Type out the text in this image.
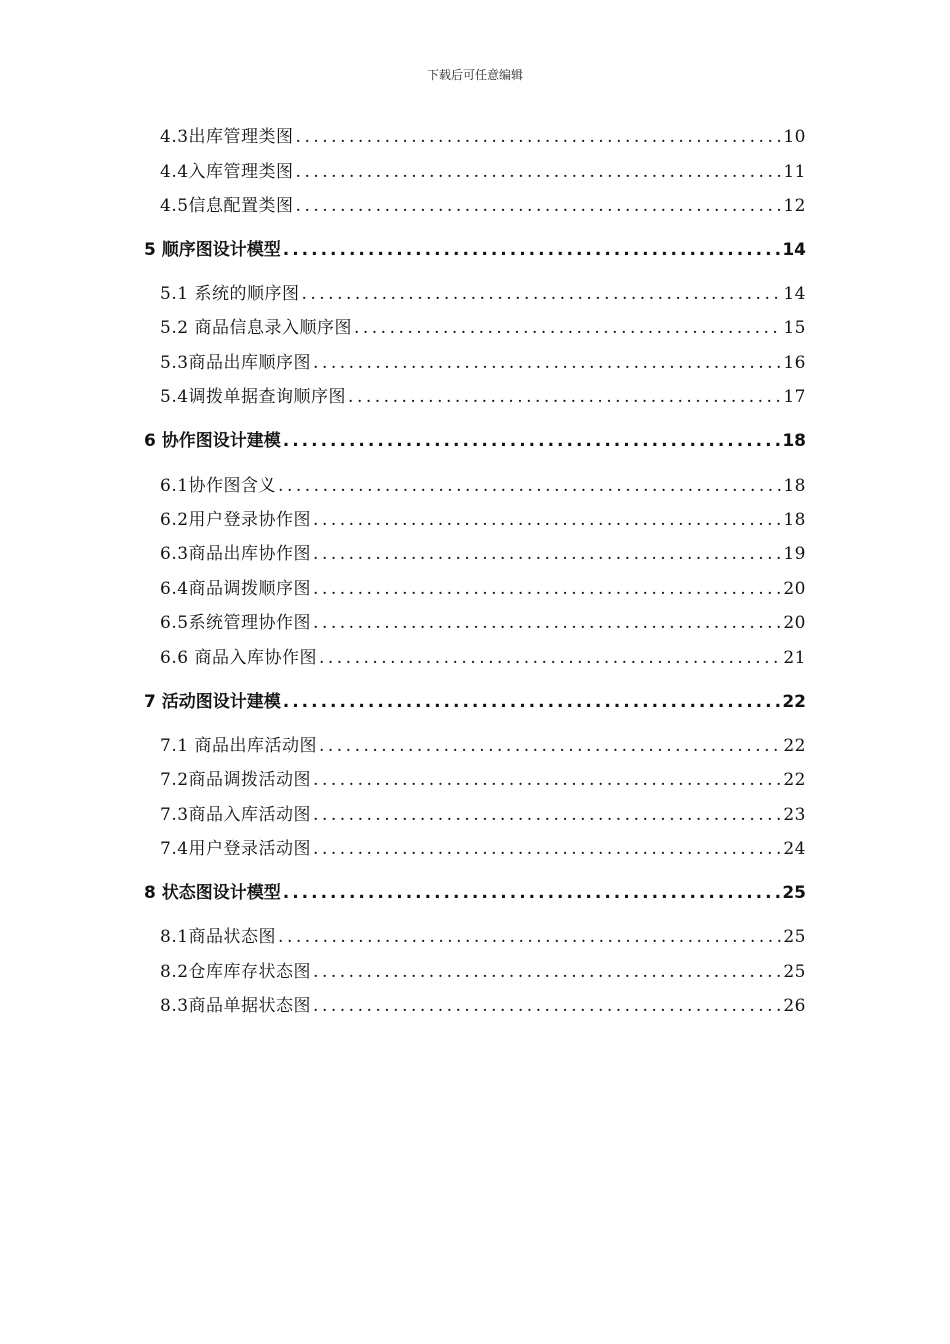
下载后可任意编辑
4.3出库管理类图 .....	10
4.4入库管理类图 .....	11
4.5信息配置类图 .....	12
5 顺序图设计模型 .....	14
5.1 系统的顺序图 .....	14
5.2 商品信息录入顺序图 .....	15
5.3商品出库顺序图 .....	16
5.4调拨单据查询顺序图 .....	17
6 协作图设计建模 .....	18
6.1协作图含义 .....	18
6.2用户登录协作图 .....	18
6.3商品出库协作图 .....	19
6.4商品调拨顺序图 .....	20
6.5系统管理协作图 .....	20
6.6 商品入库协作图 .....	21
7 活动图设计建模 .....	22
7.1 商品出库活动图 .....	22
7.2商品调拨活动图 .....	22
7.3商品入库活动图 .....	23
7.4用户登录活动图 .....	24
8 状态图设计模型 .....	25
8.1商品状态图 .....	25
8.2仓库库存状态图 .....	25
8.3商品单据状态图 .....	26
